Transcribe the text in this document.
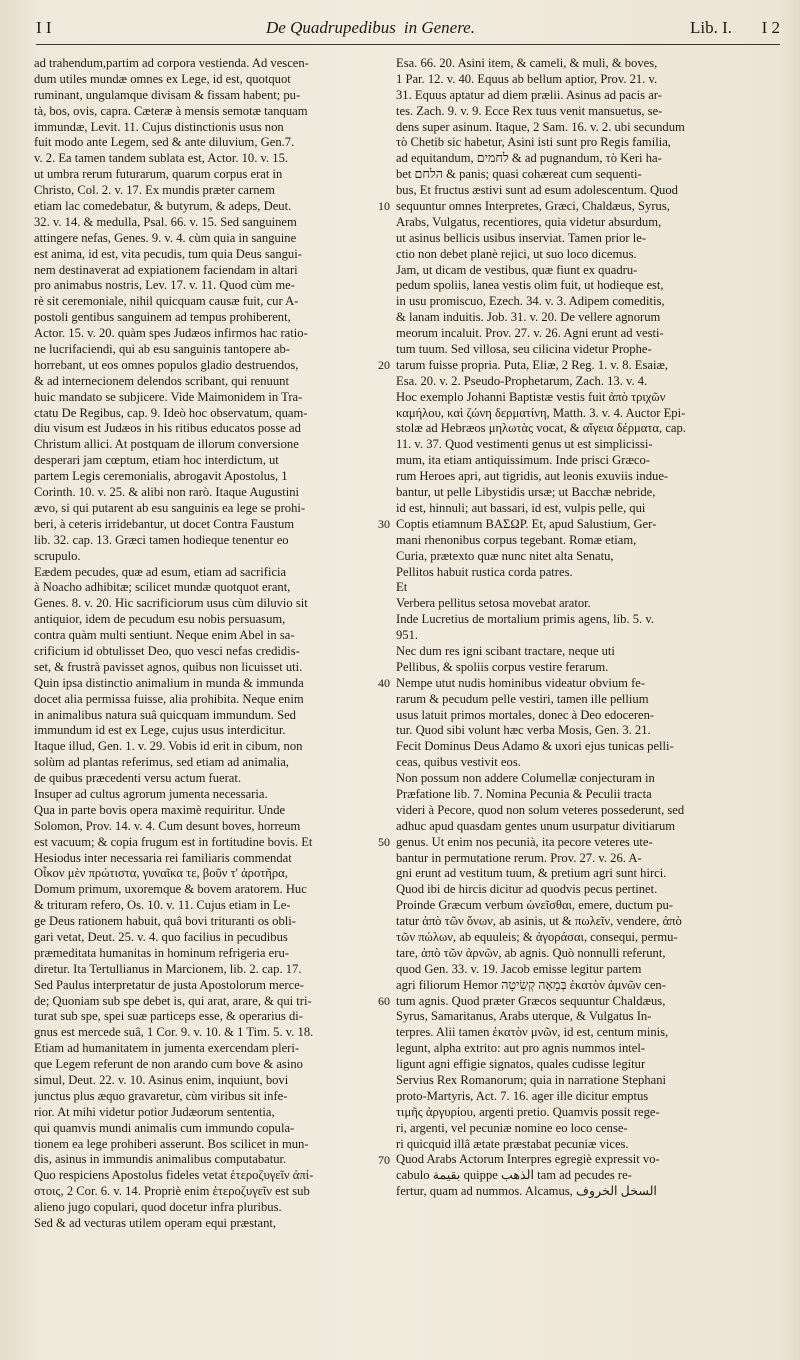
I I	De Quadrupedibus in Genere.	Lib. I. I 2
ad trahendum,partim ad corpora vestienda. Ad vescen-
dum utiles mundæ omnes ex Lege, id est, quotquot
ruminant, ungulamque divisam & fissam habent; pu-
tà, bos, ovis, capra. Cæteræ à mensis semotæ tanquam
immundæ, Levit. 11. Cujus distinctionis usus non
fuit modo ante Legem, sed & ante diluvium, Gen.7.
v. 2. Ea tamen tandem sublata est, Actor. 10. v. 15.
ut umbra rerum futurarum, quarum corpus erat in
Christo, Col. 2. v. 17. Ex mundis præter carnem
etiam lac comedebatur, & butyrum, & adeps, Deut.
32. v. 14. & medulla, Psal. 66. v. 15. Sed sanguinem
attingere nefas, Genes. 9. v. 4. cùm quia in sanguine
est anima, id est, vita pecudis, tum quia Deus sangui-
nem destinaverat ad expiationem faciendam in altari
pro animabus nostris, Lev. 17. v. 11. Quod cùm me-
rè sit ceremoniale, nihil quicquam causæ fuit, cur A-
postoli gentibus sanguinem ad tempus prohiberent,
Actor. 15. v. 20. quàm spes Judæos infirmos hac ratio-
ne lucrifaciendi, qui ab esu sanguinis tantopere ab-
horrebant, ut eos omnes populos gladio destruendos,
& ad internecionem delendos scribant, qui renuunt
huic mandato se subjicere. Vide Maimonidem in Tra-
ctatu De Regibus, cap. 9. Ideò hoc observatum, quam-
diu visum est Judæos in his ritibus educatos posse ad
Christum allici. At postquam de illorum conversione
desperari jam cœptum, etiam hoc interdictum, ut
partem Legis ceremonialis, abrogavit Apostolus, 1
Corinth. 10. v. 25. & alibi non rarò. Itaque Augustini
ævo, si qui putarent ab esu sanguinis ea lege se prohi-
beri, à ceteris irridebantur, ut docet Contra Faustum
lib. 32. cap. 13. Græci tamen hodieque tenentur eo
scrupulo.
Eædem pecudes, quæ ad esum, etiam ad sacrificia
à Noacho adhibitæ; scilicet mundæ quotquot erant,
Genes. 8. v. 20. Hic sacrificiorum usus cùm diluvio sit
antiquior, idem de pecudum esu nobis persuasum,
contra quàm multi sentiunt. Neque enim Abel in sa-
crificium id obtulisset Deo, quo vesci nefas credidis-
set, & frustrà pavisset agnos, quibus non licuisset uti.
Quin ipsa distinctio animalium in munda & immunda
docet alia permissa fuisse, alia prohibita. Neque enim
in animalibus natura suâ quicquam immundum. Sed
immundum id est ex Lege, cujus usus interdicitur.
Itaque illud, Gen. 1. v. 29. Vobis id erit in cibum, non
solùm ad plantas referimus, sed etiam ad animalia,
de quibus præcedenti versu actum fuerat.
Insuper ad cultus agrorum jumenta necessaria.
Qua in parte bovis opera maximè requiritur. Unde
Solomon, Prov. 14. v. 4. Cum desunt boves, horreum
est vacuum; & copia frugum est in fortitudine bovis. Et
Hesiodus inter necessaria rei familiaris commendat
Οἶκον μὲν πρώτιστα, γυναῖκα τε, βοῦν τ' ἀροτῆρα,
Domum primum, uxoremque & bovem aratorem. Huc
& trituram refero, Os. 10. v. 11. Cujus etiam in Le-
ge Deus rationem habuit, quâ bovi trituranti os obli-
gari vetat, Deut. 25. v. 4. quo facilius in pecudibus
præmeditata humanitas in hominum refrigeria eru-
diretur. Ita Tertullianus in Marcionem, lib. 2. cap. 17.
Sed Paulus interpretatur de justa Apostolorum merce-
de; Quoniam sub spe debet is, qui arat, arare, & qui tri-
turat sub spe, spei suæ particeps esse, & operarius di-
gnus est mercede suâ, 1 Cor. 9. v. 10. & 1 Tim. 5. v. 18.
Etiam ad humanitatem in jumenta exercendam pleri-
que Legem referunt de non arando cum bove & asino
simul, Deut. 22. v. 10. Asinus enim, inquiunt, bovi
junctus plus æquo gravaretur, cùm viribus sit infe-
rior. At mihi videtur potior Judæorum sententia,
qui quamvis mundi animalis cum immundo copula-
tionem ea lege prohiberi asserunt. Bos scilicet in mun-
dis, asinus in immundis animalibus computabatur.
Quo respiciens Apostolus fideles vetat ἑτεροζυγεῖν ἀπί-
στοις, 2 Cor. 6. v. 14. Propriè enim ἑτεροζυγεῖν est sub
alieno jugo copulari, quod docetur infra pluribus.
Sed & ad vecturas utilem operam equi præstant,
Esa. 66. 20. Asini item, & cameli, & muli, & boves,
1 Par. 12. v. 40. Equus ab bellum aptior, Prov. 21. v.
31. Equus aptatur ad diem prælii. Asinus ad pacis ar-
tes. Zach. 9. v. 9. Ecce Rex tuus venit mansuetus, se-
dens super asinum. Itaque, 2 Sam. 16. v. 2. ubi secundum
τὸ Chetib sic habetur, Asini isti sunt pro Regis familia,
ad equitandum, לחמים & ad pugnandum, τὸ Keri ha-
bet הלחם & panis; quasi cohæreat cum sequenti-
bus, Et fructus æstivi sunt ad esum adolescentum. Quod
sequuntur omnes Interpretes, Græci, Chaldæus, Syrus,
Arabs, Vulgatus, recentiores, quia videtur absurdum,
ut asinus bellicis usibus inserviat. Tamen prior le-
ctio non debet planè rejici, ut suo loco dicemus.
Jam, ut dicam de vestibus, quæ fiunt ex quadru-
pedum spoliis, lanea vestis olim fuit, ut hodieque est,
in usu promiscuo, Ezech. 34. v. 3. Adipem comeditis,
& lanam induitis. Job. 31. v. 20. De vellere agnorum
meorum incaluit. Prov. 27. v. 26. Agni erunt ad vesti-
tum tuum. Sed villosa, seu cilicina videtur Prophe-
tarum fuisse propria. Puta, Eliæ, 2 Reg. 1. v. 8. Esaiæ,
Esa. 20. v. 2. Pseudo-Prophetarum, Zach. 13. v. 4.
Hoc exemplo Johanni Baptistæ vestis fuit ἀπὸ τριχῶν
καμήλου, καὶ ζώνη δερματίνη, Matth. 3. v. 4. Auctor Epi-
stolæ ad Hebræos μηλωτὰς vocat, & αἴγεια δέρματα, cap.
11. v. 37. Quod vestimenti genus ut est simplicissi-
mum, ita etiam antiquissimum. Inde prisci Græco-
rum Heroes apri, aut tigridis, aut leonis exuviis indue-
bantur, ut pelle Libystidis ursæ; ut Bacchæ nebride,
id est, hinnuli; aut bassari, id est, vulpis pelle, qui
Coptis etiamnum ΒΑΣΩΡ. Et, apud Salustium, Ger-
mani rhenonibus corpus tegebant. Romæ etiam,
Curia, prætexto quæ nunc nitet alta Senatu,
Pellitos habuit rustica corda patres.
Et
Verbera pellitus setosa movebat arator.
Inde Lucretius de mortalium primis agens, lib. 5. v.
951.
Nec dum res igni scibant tractare, neque uti
Pellibus, & spoliis corpus vestire ferarum.
Nempe utut nudis hominibus videatur obvium fe-
rarum & pecudum pelle vestiri, tamen ille pellium
usus latuit primos mortales, donec à Deo edoceren-
tur. Quod sibi volunt hæc verba Mosis, Gen. 3. 21.
Fecit Dominus Deus Adamo & uxori ejus tunicas pelli-
ceas, quibus vestivit eos.
Non possum non addere Columellæ conjecturam in
Præfatione lib. 7. Nomina Pecunia & Peculii tracta
videri à Pecore, quod non solum veteres possederunt, sed
adhuc apud quasdam gentes unum usurpatur divitiarum
genus. Ut enim nos pecunià, ita pecore veteres ute-
bantur in permutatione rerum. Prov. 27. v. 26. A-
gni erunt ad vestitum tuum, & pretium agri sunt hirci.
Quod ibi de hircis dicitur ad quodvis pecus pertinet.
Proinde Græcum verbum ὠνεῖσθαι, emere, ductum pu-
tatur ἀπὸ τῶν ὄνων, ab asinis, ut & πωλεῖν, vendere, ἀπὸ
τῶν πώλων, ab equuleis; & ἀγοράσαι, consequi, permu-
tare, ἀπὸ τῶν ἀρνῶν, ab agnis. Quò nonnulli referunt,
quod Gen. 33. v. 19. Jacob emisse legitur partem
agri filiorum Hemor בְּמֵאָה קְשִׂיטָה ἑκατὸν ἀμνῶν cen-
tum agnis. Quod præter Græcos sequuntur Chaldæus,
Syrus, Samaritanus, Arabs uterque, & Vulgatus In-
terpres. Alii tamen ἑκατὸν μνῶν, id est, centum minis,
legunt, alpha extrito: aut pro agnis nummos intel-
ligunt agni effigie signatos, quales cudisse legitur
Servius Rex Romanorum; quia in narratione Stephani
proto-Martyris, Act. 7. 16. ager ille dicitur emptus
τιμῆς ἀργυρίου, argenti pretio. Quamvis possit rege-
ri, argenti, vel pecuniæ nomine eo loco cense-
ri quicquid illâ ætate præstabat pecuniæ vices.
Quod Arabs Actorum Interpres egregiè expressit vo-
cabulo بقيمة quippe الذهب tam ad pecudes re-
fertur, quam ad nummos. Alcamus, السخل الخروف
10
20
30
40
50
60
70
